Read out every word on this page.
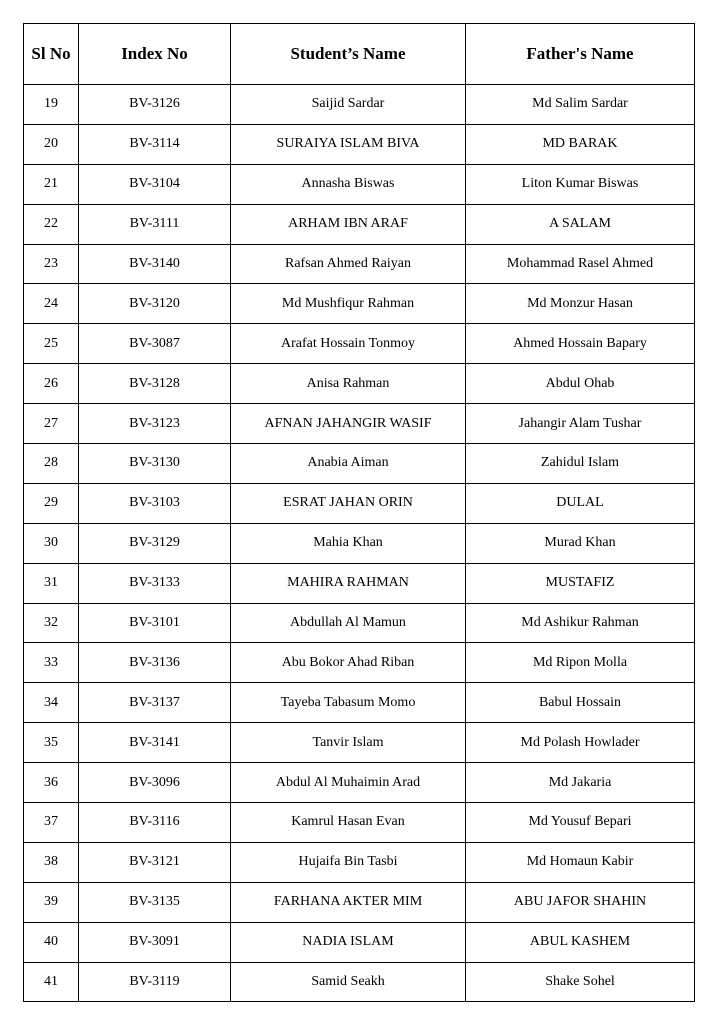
Sl No	Index No	Student’s Name	Father's Name
19	BV-3126	Saijid Sardar	Md Salim Sardar
20	BV-3114	SURAIYA ISLAM BIVA	MD BARAK
21	BV-3104	Annasha Biswas	Liton Kumar Biswas
22	BV-3111	ARHAM IBN ARAF	A SALAM
23	BV-3140	Rafsan Ahmed Raiyan	Mohammad Rasel Ahmed
24	BV-3120	Md Mushfiqur Rahman	Md Monzur Hasan
25	BV-3087	Arafat Hossain Tonmoy	Ahmed Hossain Bapary
26	BV-3128	Anisa Rahman	Abdul Ohab
27	BV-3123	AFNAN JAHANGIR WASIF	Jahangir Alam Tushar
28	BV-3130	Anabia Aiman	Zahidul Islam
29	BV-3103	ESRAT JAHAN ORIN	DULAL
30	BV-3129	Mahia Khan	Murad Khan
31	BV-3133	MAHIRA RAHMAN	MUSTAFIZ
32	BV-3101	Abdullah Al Mamun	Md Ashikur Rahman
33	BV-3136	Abu Bokor Ahad Riban	Md Ripon Molla
34	BV-3137	Tayeba Tabasum Momo	Babul Hossain
35	BV-3141	Tanvir Islam	Md Polash Howlader
36	BV-3096	Abdul Al Muhaimin Arad	Md Jakaria
37	BV-3116	Kamrul Hasan Evan	Md Yousuf Bepari
38	BV-3121	Hujaifa Bin Tasbi	Md Homaun Kabir
39	BV-3135	FARHANA AKTER MIM	ABU JAFOR SHAHIN
40	BV-3091	NADIA ISLAM	ABUL KASHEM
41	BV-3119	Samid Seakh	Shake Sohel
